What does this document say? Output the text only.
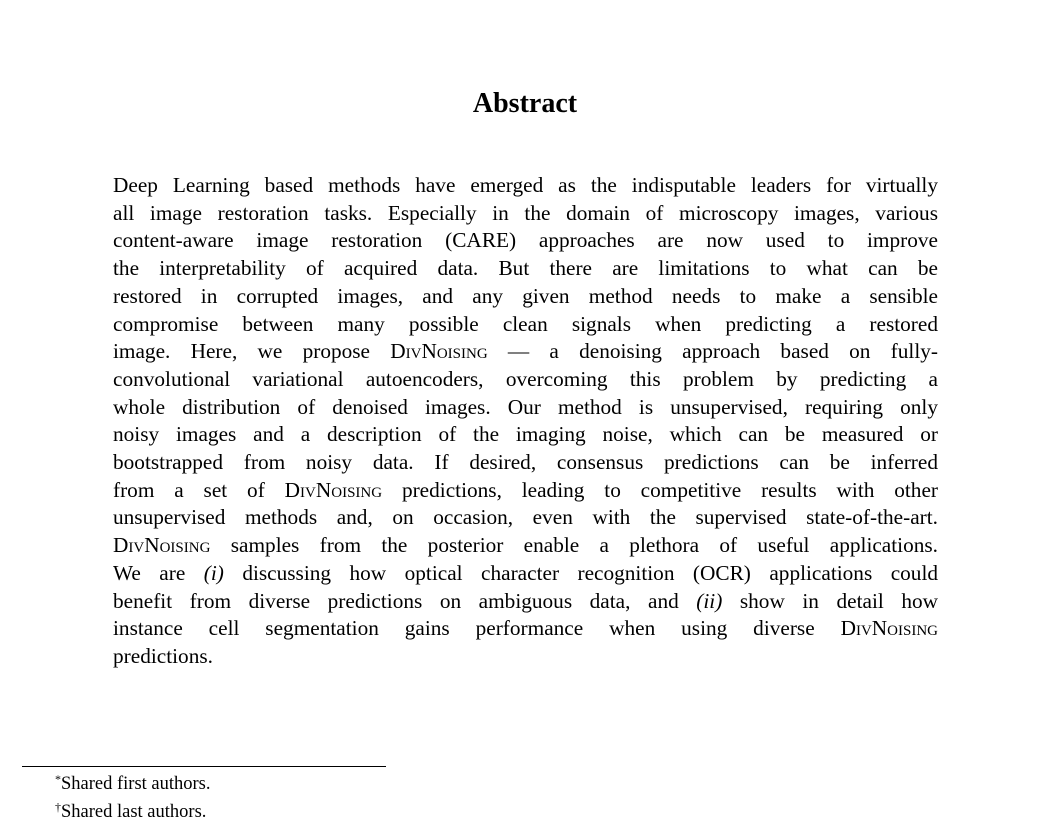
Abstract
Deep Learning based methods have emerged as the indisputable leaders for virtually
all image restoration tasks. Especially in the domain of microscopy images, various
content-aware image restoration (CARE) approaches are now used to improve
the interpretability of acquired data. But there are limitations to what can be
restored in corrupted images, and any given method needs to make a sensible
compromise between many possible clean signals when predicting a restored
image. Here, we propose DivNoising — a denoising approach based on fully-
convolutional variational autoencoders, overcoming this problem by predicting a
whole distribution of denoised images. Our method is unsupervised, requiring only
noisy images and a description of the imaging noise, which can be measured or
bootstrapped from noisy data. If desired, consensus predictions can be inferred
from a set of DivNoising predictions, leading to competitive results with other
unsupervised methods and, on occasion, even with the supervised state-of-the-art.
DivNoising samples from the posterior enable a plethora of useful applications.
We are (i) discussing how optical character recognition (OCR) applications could
benefit from diverse predictions on ambiguous data, and (ii) show in detail how
instance cell segmentation gains performance when using diverse DivNoising
predictions.
*Shared first authors.
†Shared last authors.
